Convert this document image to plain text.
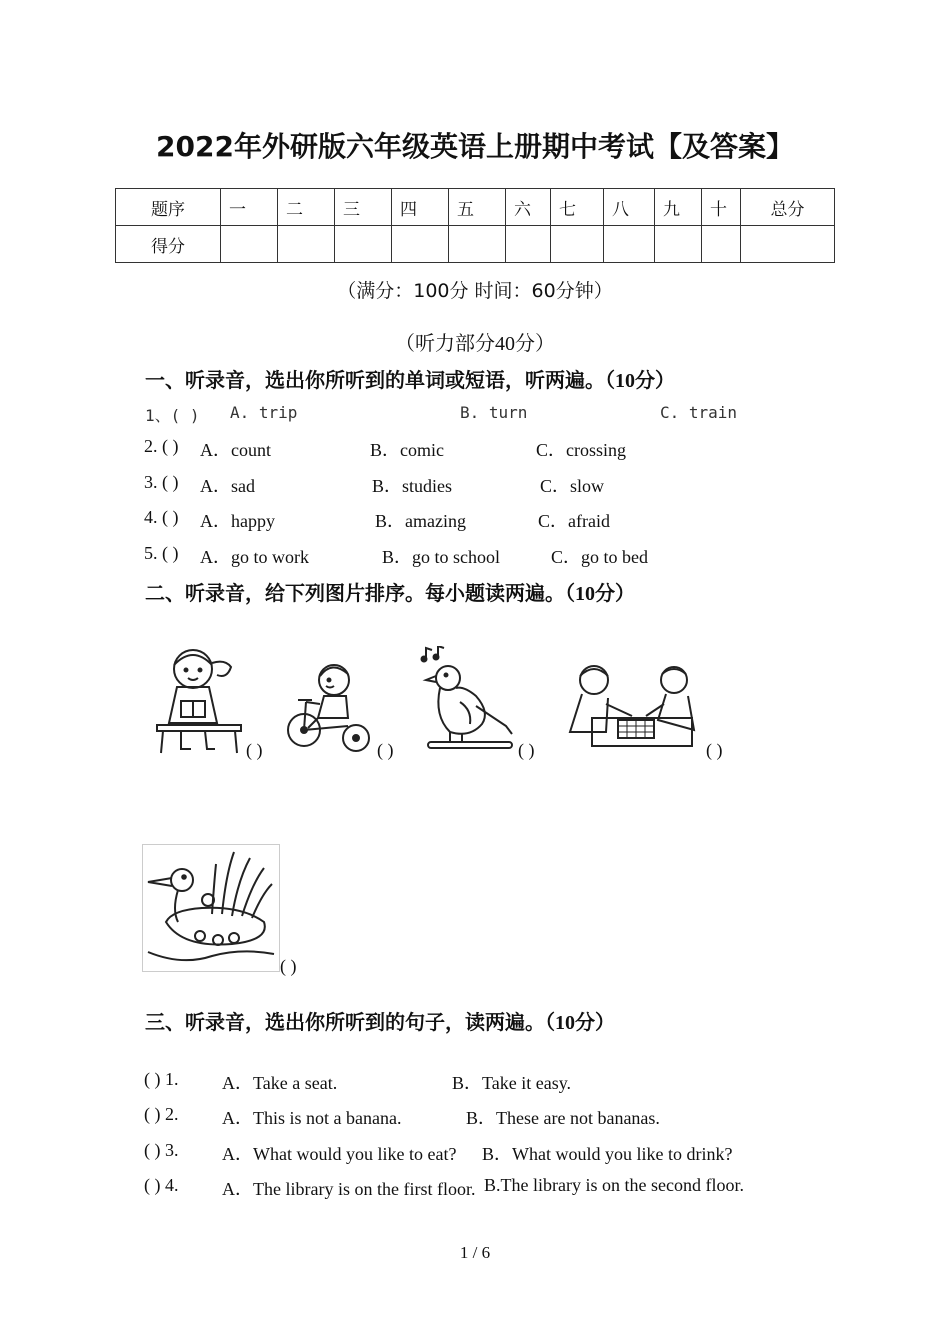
2022年外研版六年级英语上册期中考试【及答案】
题序	一	二	三	四	五	六	七	八	九	十	总分
得分											
（满分：100分 时间：60分钟）
（听力部分40分）
一、听录音，选出你所听到的单词或短语，听两遍。（10分）
1、( ) A. trip	B. turn	C. train
2. ( ) A．count	B．comic	C．crossing
3. ( ) A．sad	B．studies	C．slow
4. ( ) A．happy	B．amazing	C．afraid
5. ( ) A．go to work	B．go to school	C．go to bed
二、听录音，给下列图片排序。每小题读两遍。（10分）
( )	( )	( )	( )
( )
三、听录音，选出你所听到的句子，读两遍。（10分）
( ) 1. A．Take a seat.	B．Take it easy.
( ) 2. A．This is not a banana.	B．These are not bananas.
( ) 3. A．What would you like to eat? B．What would you like to drink?
( ) 4. A．The library is on the first floor. B.The library is on the second floor.
1 / 6
